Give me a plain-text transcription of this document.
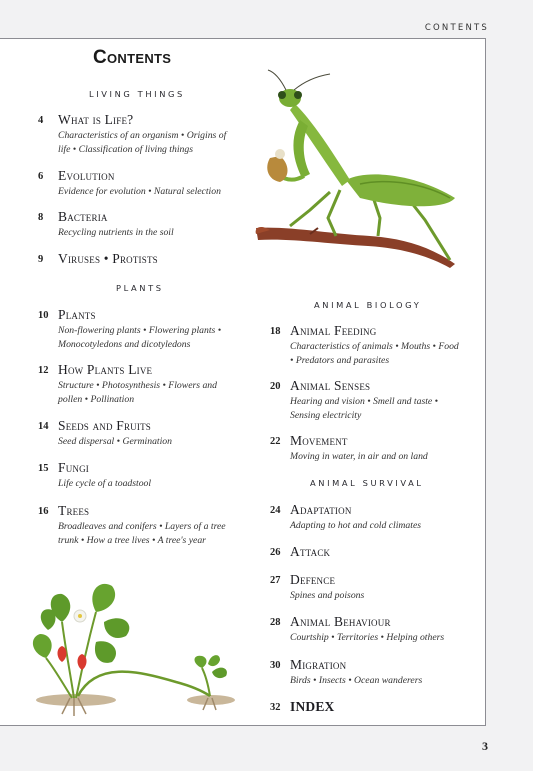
CONTENTS
3
Contents
LIVING THINGS
PLANTS
ANIMAL BIOLOGY
ANIMAL SURVIVAL
4	What is Life?
Characteristics of an organism • Origins of
life • Classification of living things
6	Evolution
Evidence for evolution • Natural selection
8	Bacteria
Recycling nutrients in the soil
9	Viruses • Protists
10 Plants
Non-flowering plants • Flowering plants •
Monocotyledons and dicotyledons
12 How Plants Live
Structure • Photosynthesis • Flowers and
pollen • Pollination
14 Seeds and Fruits
Seed dispersal • Germination
15 Fungi
Life cycle of a toadstool
16 Trees
Broadleaves and conifers • Layers of a tree
trunk • How a tree lives • A tree's year
18 Animal Feeding
Characteristics of animals • Mouths • Food
• Predators and parasites
20 Animal Senses
Hearing and vision • Smell and taste •
Sensing electricity
22 Movement
Moving in water, in air and on land
24 Adaptation
Adapting to hot and cold climates
26 Attack
27 Defence
Spines and poisons
28 Animal Behaviour
Courtship • Territories • Helping others
30 Migration
Birds • Insects • Ocean wanderers
32 INDEX
